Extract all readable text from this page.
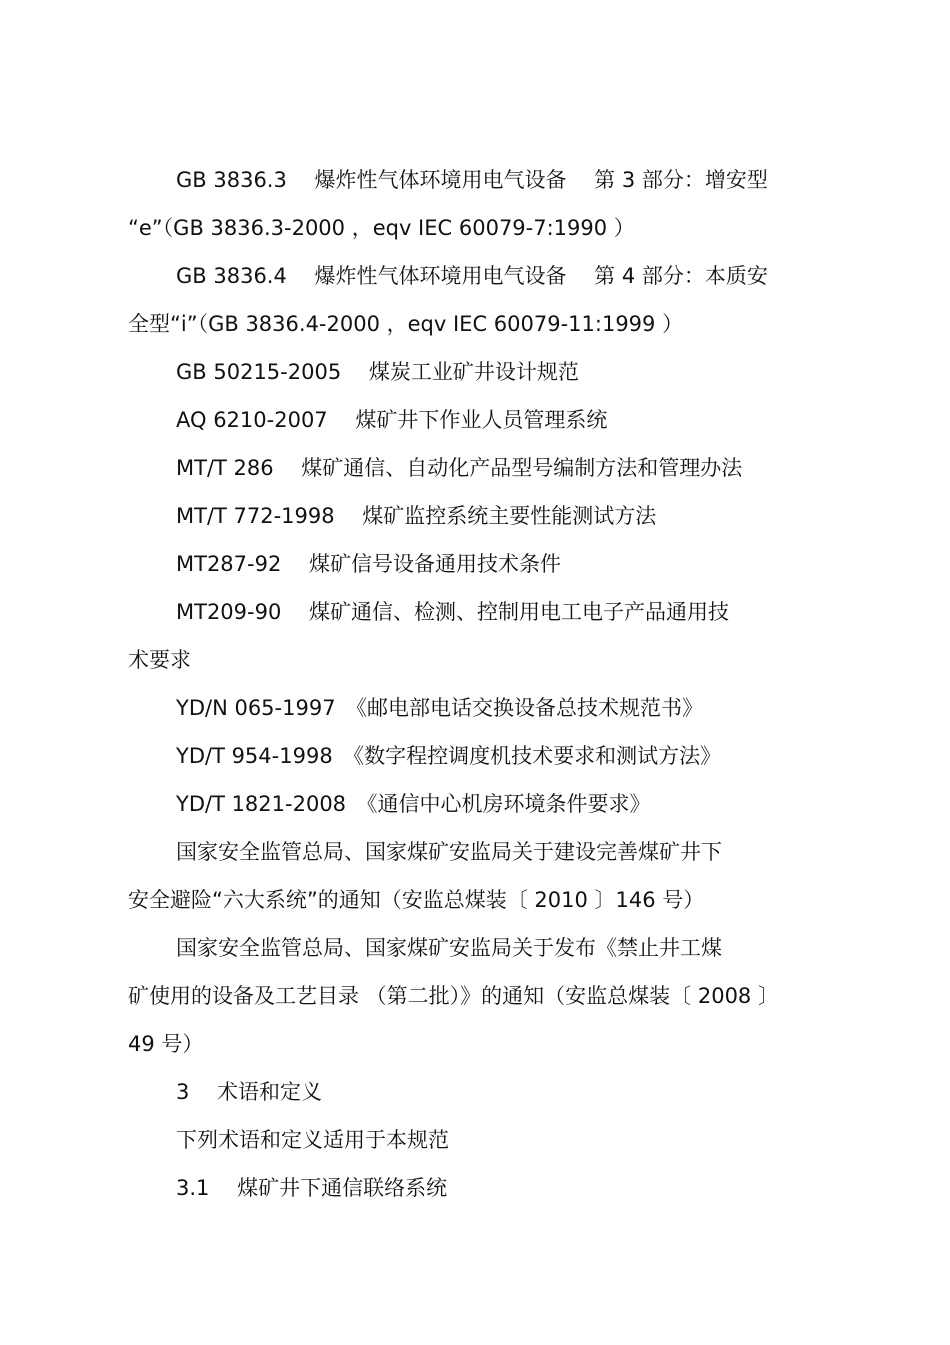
GB 3836.3　 爆炸性气体环境用电气设备　 第 3 部分：增安型
“e”（GB 3836.3-2000 ，eqv IEC 60079-7:1990 ）
GB 3836.4　 爆炸性气体环境用电气设备　 第 4 部分：本质安
全型“i”（GB 3836.4-2000 ，eqv IEC 60079-11:1999 ）
GB 50215-2005　 煤炭工业矿井设计规范
AQ 6210-2007　 煤矿井下作业人员管理系统
MT/T 286　 煤矿通信、自动化产品型号编制方法和管理办法
MT/T 772-1998　 煤矿监控系统主要性能测试方法
MT287-92　 煤矿信号设备通用技术条件
MT209-90　 煤矿通信、检测、控制用电工电子产品通用技
术要求
YD/N 065-1997　《邮电部电话交换设备总技术规范书》
YD/T 954-1998　《数字程控调度机技术要求和测试方法》
YD/T 1821-2008　《通信中心机房环境条件要求》
国家安全监管总局、国家煤矿安监局关于建设完善煤矿井下
安全避险“六大系统”的通知（安监总煤装〔 2010 〕146 号）
国家安全监管总局、国家煤矿安监局关于发布《禁止井工煤
矿使用的设备及工艺目录 （第二批）》的通知（安监总煤装〔 2008 〕
49 号）
3　 术语和定义
下列术语和定义适用于本规范
3.1　 煤矿井下通信联络系统
